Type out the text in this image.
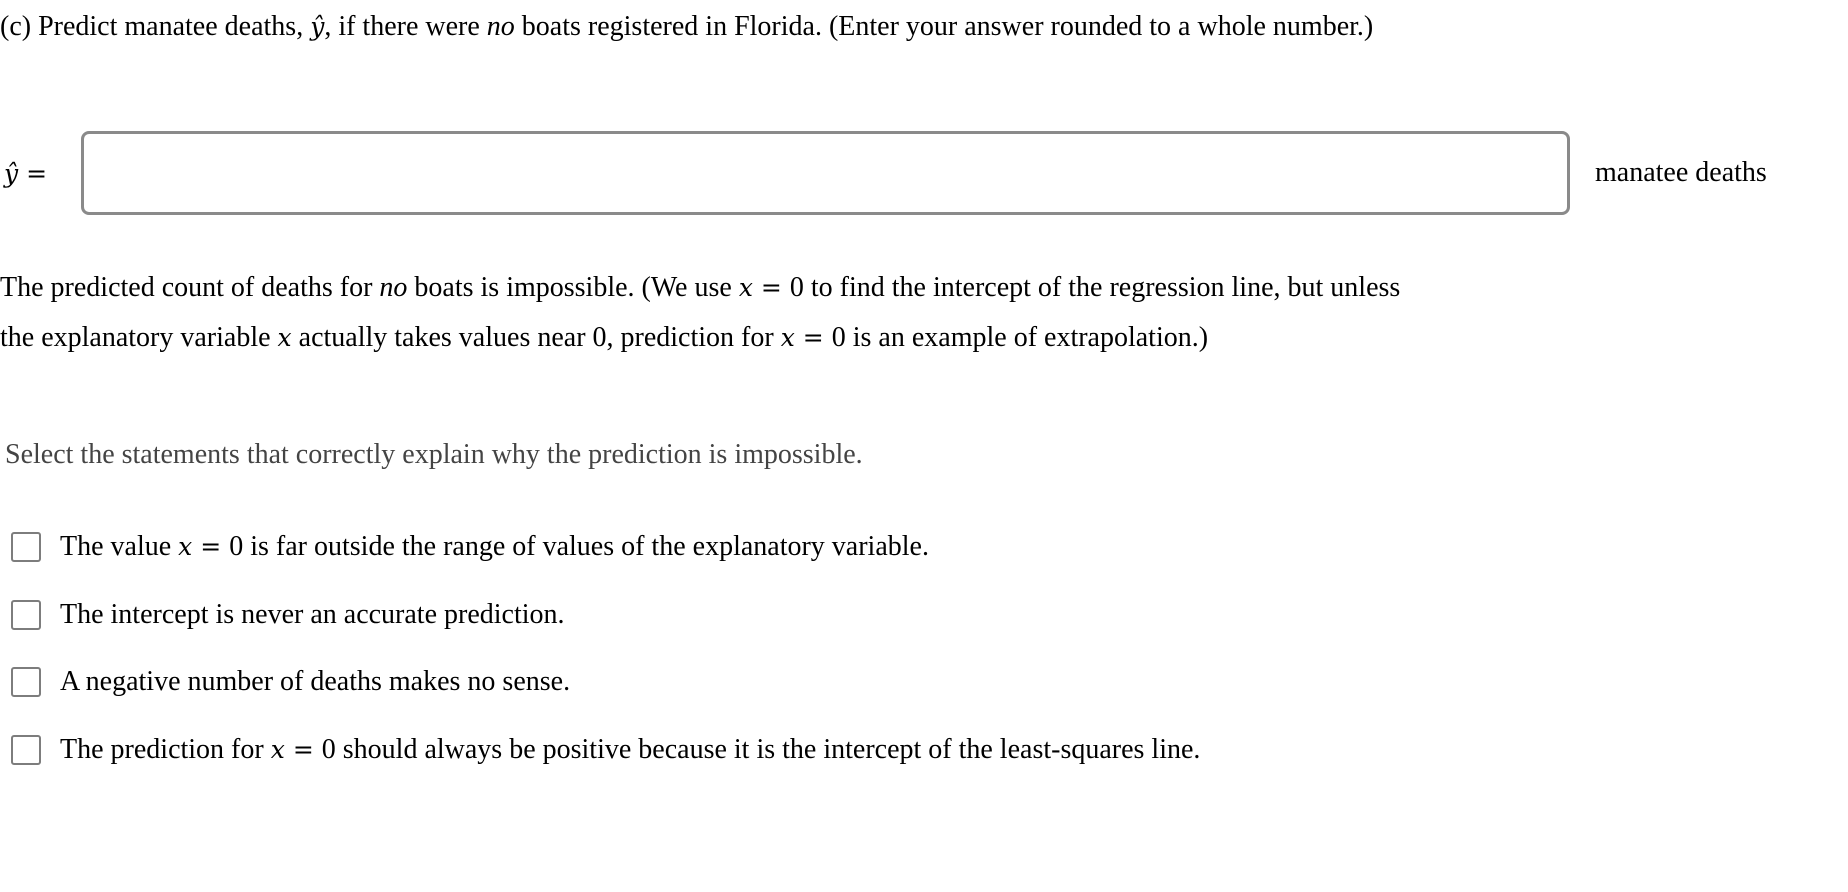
(c) Predict manatee deaths, ŷ, if there were no boats registered in Florida. (Enter your answer rounded to a whole number.)
ŷ =	manatee deaths
The predicted count of deaths for no boats is impossible. (We use x = 0 to find the intercept of the regression line, but unless
the explanatory variable x actually takes values near 0, prediction for x = 0 is an example of extrapolation.)
Select the statements that correctly explain why the prediction is impossible.
The value x = 0 is far outside the range of values of the explanatory variable.
The intercept is never an accurate prediction.
A negative number of deaths makes no sense.
The prediction for x = 0 should always be positive because it is the intercept of the least-squares line.
